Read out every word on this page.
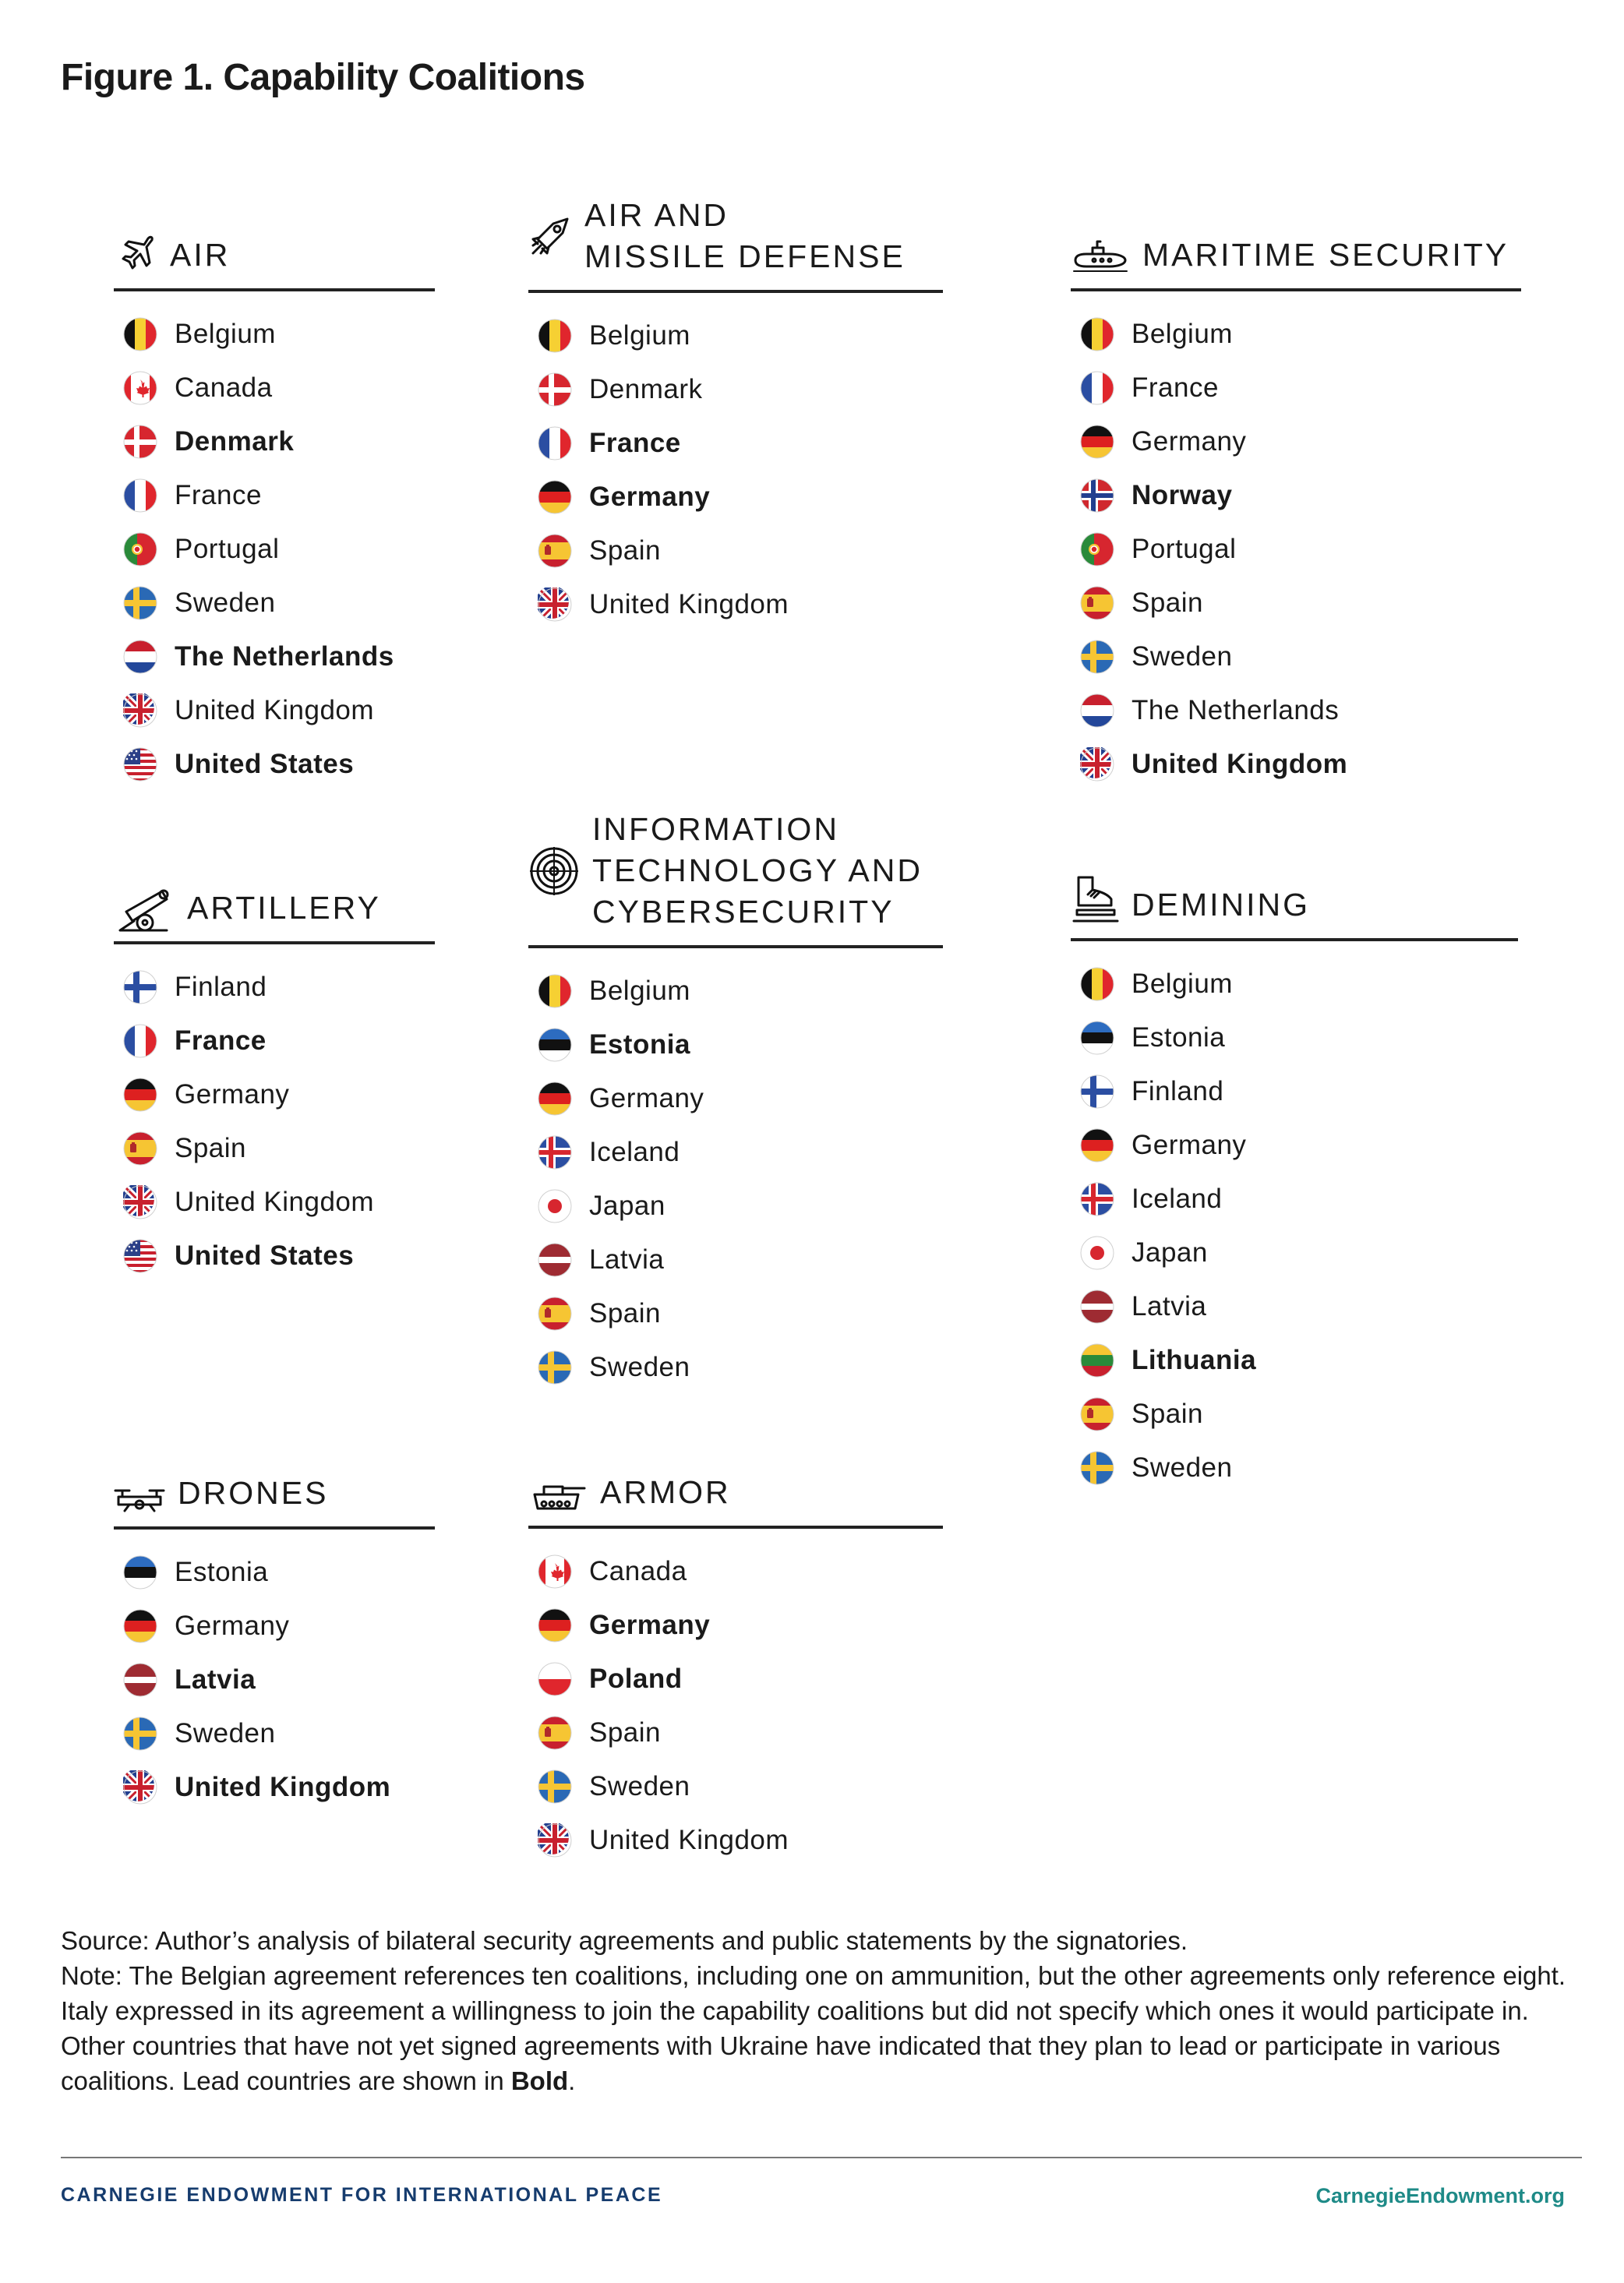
Figure 1. Capability Coalitions
AIR
Belgium
Canada
Denmark
France
Portugal
Sweden
The Netherlands
United Kingdom
United States
AIR AND
MISSILE DEFENSE
Belgium
Denmark
France
Germany
Spain
United Kingdom
MARITIME SECURITY
Belgium
France
Germany
Norway
Portugal
Spain
Sweden
The Netherlands
United Kingdom
ARTILLERY
Finland
France
Germany
Spain
United Kingdom
United States
INFORMATION
TECHNOLOGY AND
CYBERSECURITY
Belgium
Estonia
Germany
Iceland
Japan
Latvia
Spain
Sweden
DEMINING
Belgium
Estonia
Finland
Germany
Iceland
Japan
Latvia
Lithuania
Spain
Sweden
DRONES
Estonia
Germany
Latvia
Sweden
United Kingdom
ARMOR
Canada
Germany
Poland
Spain
Sweden
United Kingdom

Source: Author’s analysis of bilateral security agreements and public statements by the signatories.

Note: The Belgian agreement references ten coalitions, including one on ammunition, but the other agreements only reference eight. Italy expressed in its agreement a willingness to join the capability coalitions but did not specify which ones it would participate in. Other countries that have not yet signed agreements with Ukraine have indicated that they plan to lead or participate in various coalitions. Lead countries are shown in Bold.

CARNEGIE ENDOWMENT FOR INTERNATIONAL PEACE	CarnegieEndowment.org
